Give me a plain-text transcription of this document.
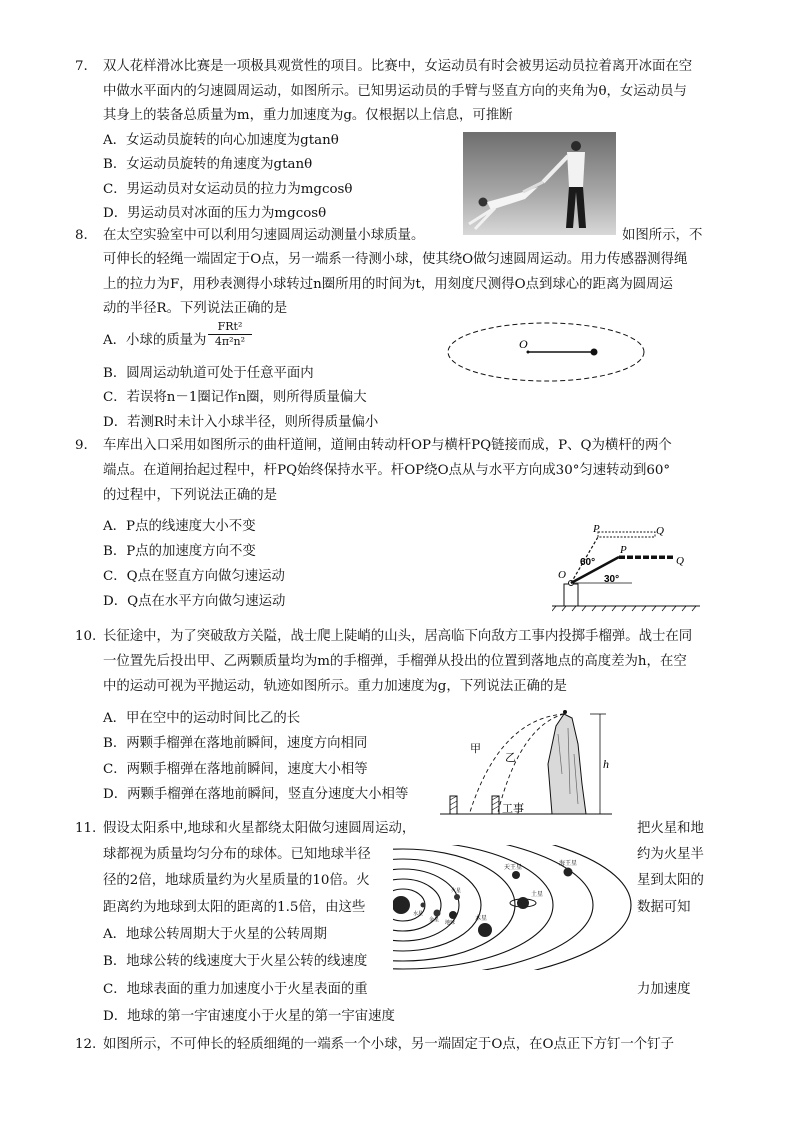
7. 双人花样滑冰比赛是一项极具观赏性的项目。比赛中，女运动员有时会被男运动员拉着离开冰面在空
中做水平面内的匀速圆周运动，如图所示。已知男运动员的手臂与竖直方向的夹角为θ，女运动员与
其身上的装备总质量为m，重力加速度为g。仅根据以上信息，可推断
A．女运动员旋转的向心加速度为gtanθ
B．女运动员旋转的角速度为gtanθ
C．男运动员对女运动员的拉力为mgcosθ
D．男运动员对冰面的压力为mgcosθ
8. 在太空实验室中可以利用匀速圆周运动测量小球质量。	如图所示，不
可伸长的轻绳一端固定于O点，另一端系一待测小球，使其绕O做匀速圆周运动。用力传感器测得绳
上的拉力为F，用秒表测得小球转过n圈所用的时间为t，用刻度尺测得O点到球心的距离为圆周运
动的半径R。下列说法正确的是
A．小球的质量为
FRt²
4π²n²
B．圆周运动轨道可处于任意平面内
C．若误将n－1圈记作n圈，则所得质量偏大
D．若测R时未计入小球半径，则所得质量偏小
O
9. 车库出入口采用如图所示的曲杆道闸，道闸由转动杆OP与横杆PQ链接而成，P、Q为横杆的两个
端点。在道闸抬起过程中，杆PQ始终保持水平。杆OP绕O点从与水平方向成30°匀速转动到60°
的过程中，下列说法正确的是
A．P点的线速度大小不变
B．P点的加速度方向不变
C．Q点在竖直方向做匀速运动
D．Q点在水平方向做匀速运动
P	Q
P
Q
O
60°
30°
10. 长征途中，为了突破敌方关隘，战士爬上陡峭的山头，居高临下向敌方工事内投掷手榴弹。战士在同
一位置先后投出甲、乙两颗质量均为m的手榴弹，手榴弹从投出的位置到落地点的高度差为h，在空
中的运动可视为平抛运动，轨迹如图所示。重力加速度为g，下列说法正确的是
A．甲在空中的运动时间比乙的长
B．两颗手榴弹在落地前瞬间，速度方向相同
C．两颗手榴弹在落地前瞬间，速度大小相等
D．两颗手榴弹在落地前瞬间，竖直分速度大小相等
h
甲
乙
工事
11. 假设太阳系中,地球和火星都绕太阳做匀速圆周运动，	把火星和地
球都视为质量均匀分布的球体。已知地球半径	约为火星半
径的2倍，地球质量约为火星质量的10倍。火	星到太阳的
距离约为地球到太阳的距离的1.5倍，由这些	数据可知
A．地球公转周期大于火星的公转周期
B．地球公转的线速度大于火星公转的线速度
C．地球表面的重力加速度小于火星表面的重	力加速度
D．地球的第一宇宙速度小于火星的第一宇宙速度
天王星
海王星
土星
木星
火星
地球
金星
水星
12. 如图所示，不可伸长的轻质细绳的一端系一个小球，另一端固定于O点，在O点正下方钉一个钉子
